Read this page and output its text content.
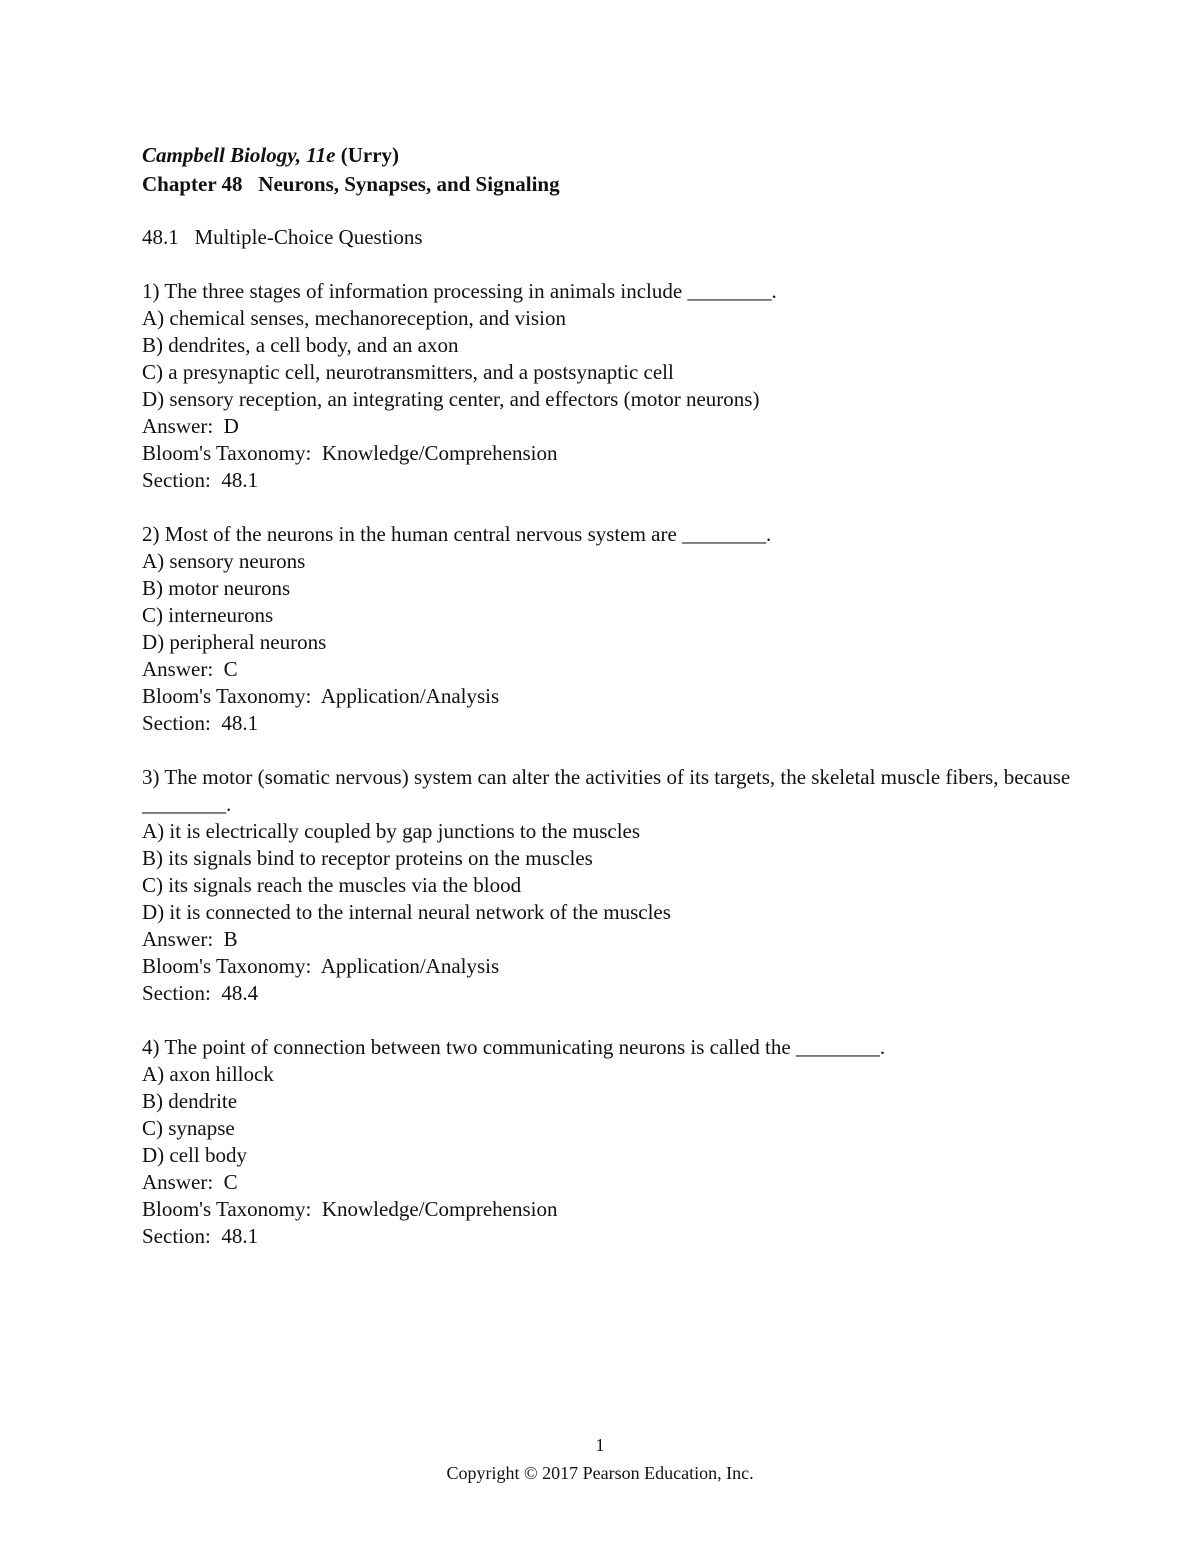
Campbell Biology, 11e (Urry)
Chapter 48 Neurons, Synapses, and Signaling
48.1   Multiple-Choice Questions
1) The three stages of information processing in animals include ________.
A) chemical senses, mechanoreception, and vision
B) dendrites, a cell body, and an axon
C) a presynaptic cell, neurotransmitters, and a postsynaptic cell
D) sensory reception, an integrating center, and effectors (motor neurons)
Answer:  D
Bloom's Taxonomy:  Knowledge/Comprehension
Section:  48.1
2) Most of the neurons in the human central nervous system are ________.
A) sensory neurons
B) motor neurons
C) interneurons
D) peripheral neurons
Answer:  C
Bloom's Taxonomy:  Application/Analysis
Section:  48.1
3) The motor (somatic nervous) system can alter the activities of its targets, the skeletal muscle fibers, because ________.
A) it is electrically coupled by gap junctions to the muscles
B) its signals bind to receptor proteins on the muscles
C) its signals reach the muscles via the blood
D) it is connected to the internal neural network of the muscles
Answer:  B
Bloom's Taxonomy:  Application/Analysis
Section:  48.4
4) The point of connection between two communicating neurons is called the ________.
A) axon hillock
B) dendrite
C) synapse
D) cell body
Answer:  C
Bloom's Taxonomy:  Knowledge/Comprehension
Section:  48.1
1
Copyright © 2017 Pearson Education, Inc.
